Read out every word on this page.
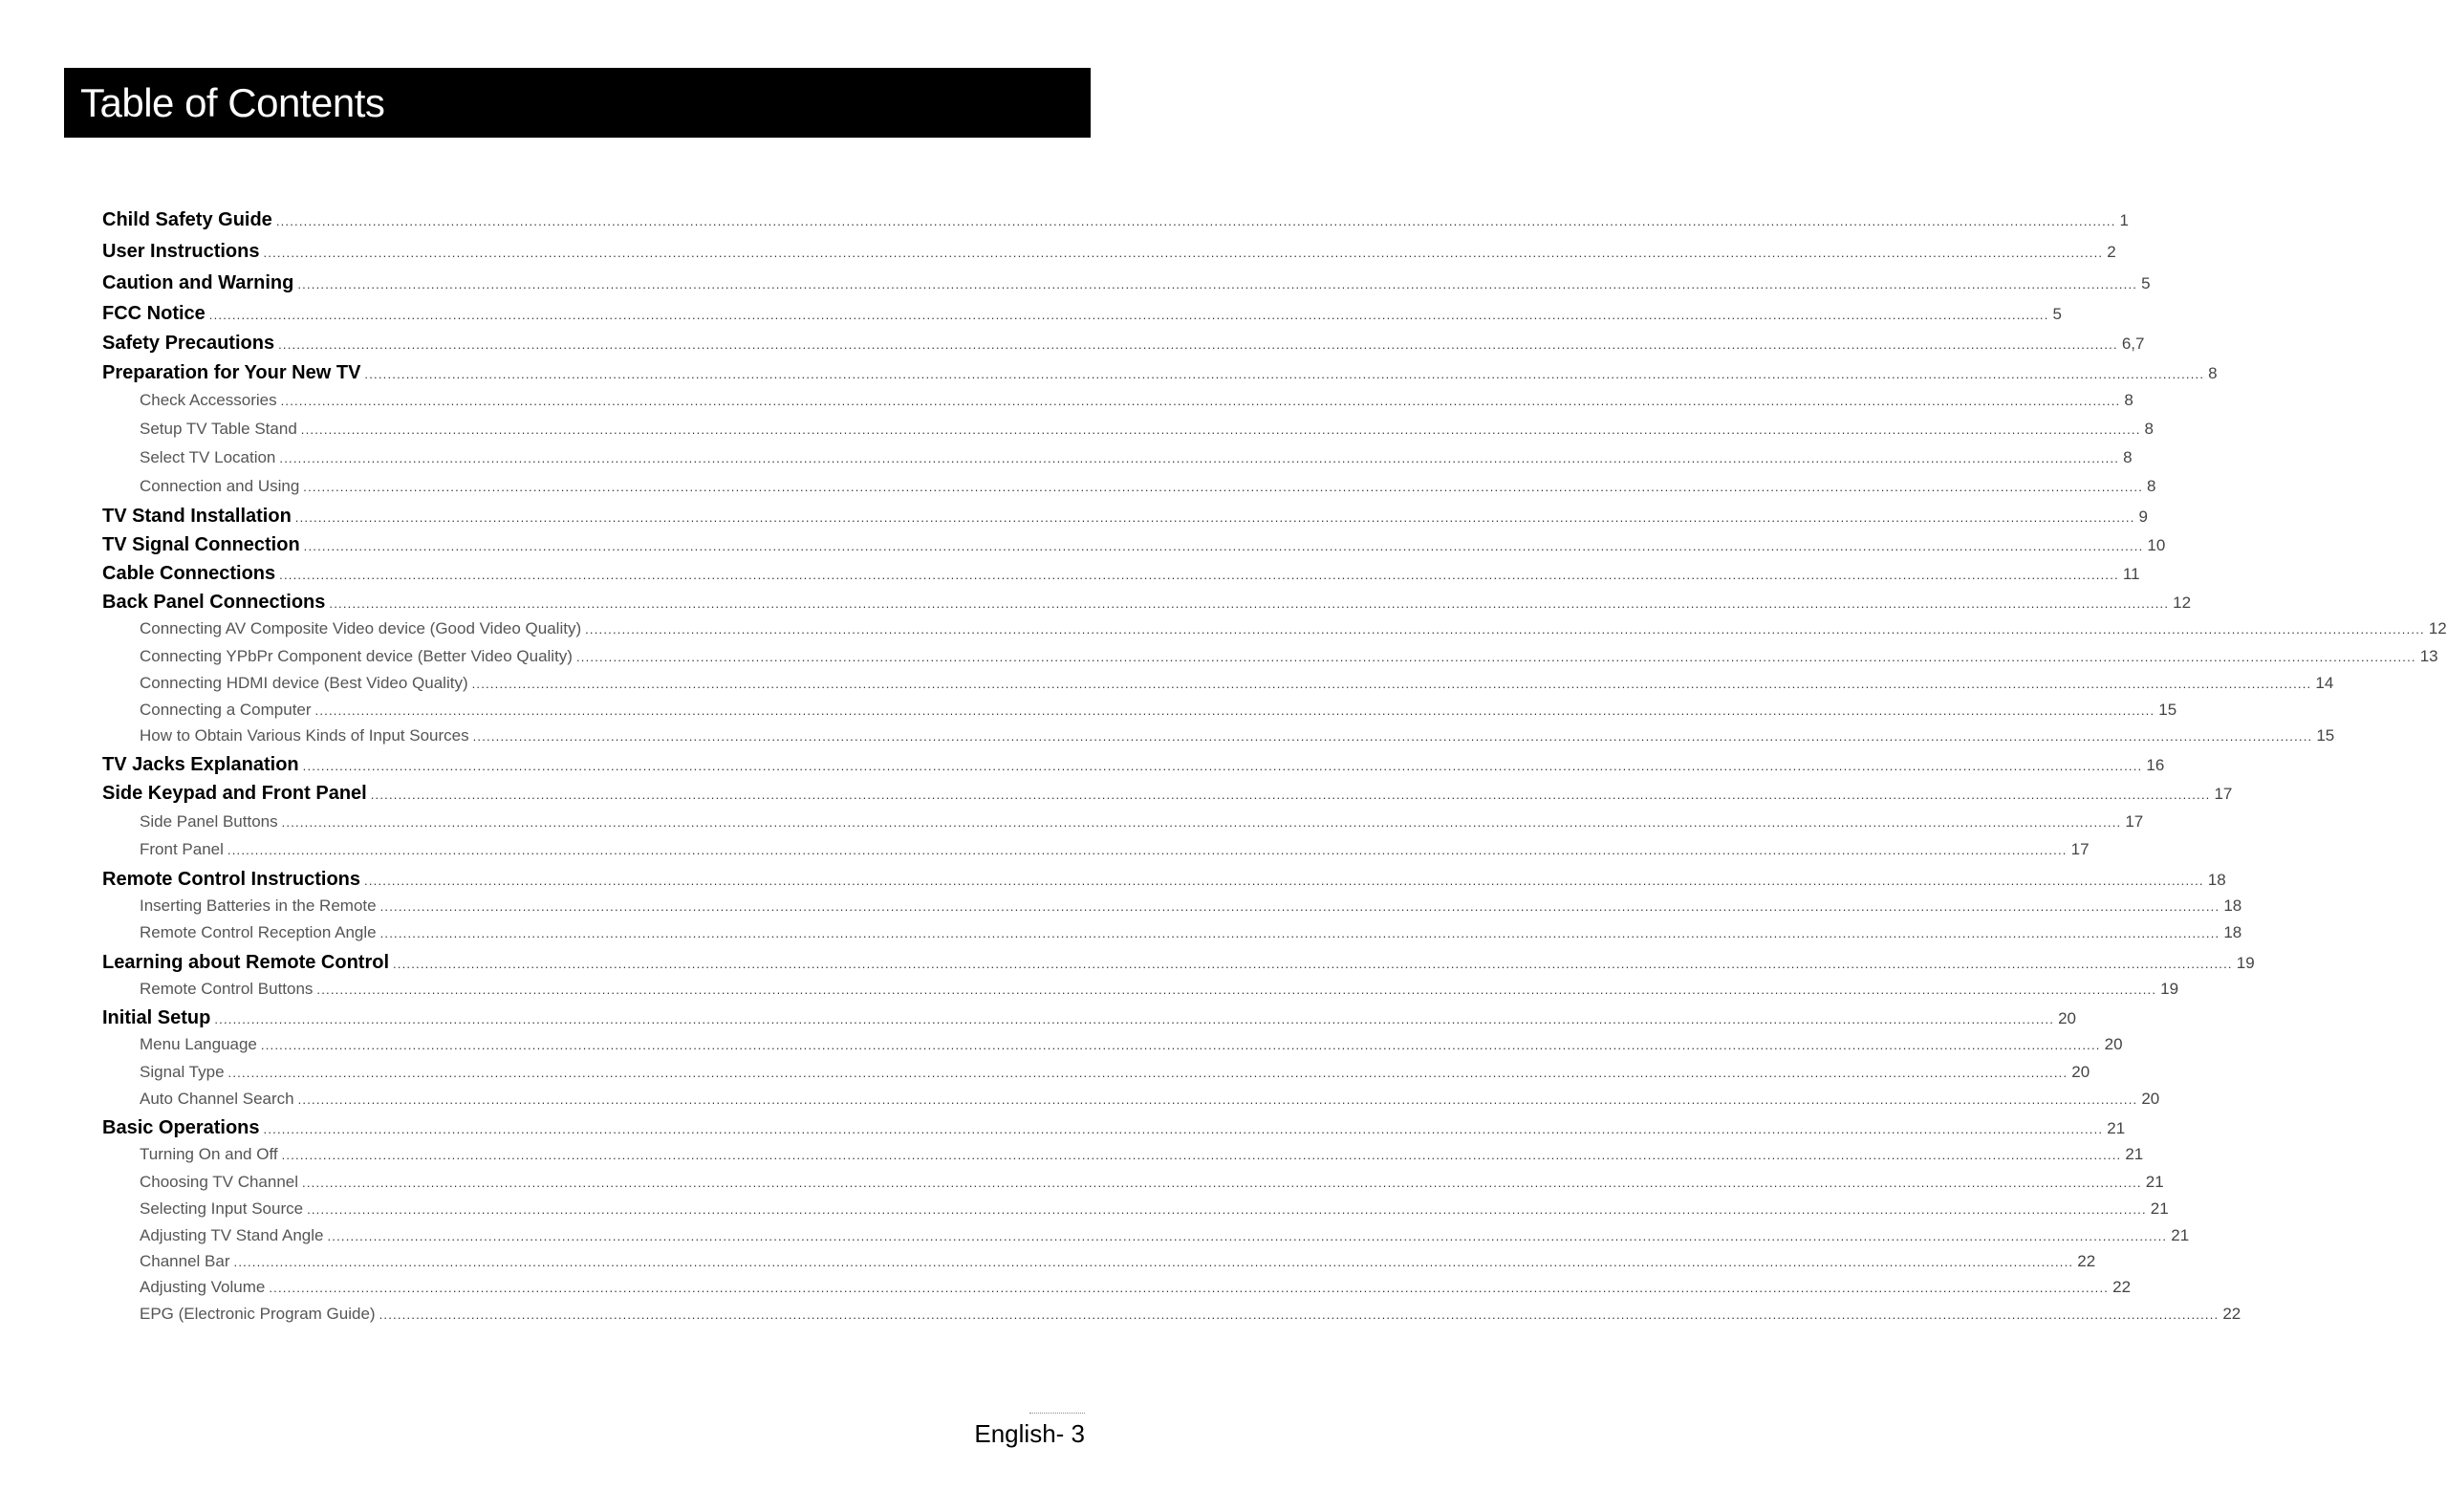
Table of Contents
Child Safety Guide ................................................................................................................................................................................................................................................................................................................................................................................................................ 1
User Instructions ................................................................................................................................................................................................................................................................................................................................................................................................................ 2
Caution and Warning ................................................................................................................................................................................................................................................................................................................................................................................................................ 5
FCC Notice ................................................................................................................................................................................................................................................................................................................................................................................................................ 5
Safety Precautions ................................................................................................................................................................................................................................................................................................................................................................................................................ 6,7
Preparation for Your New TV ................................................................................................................................................................................................................................................................................................................................................................................................................ 8
Check Accessories ................................................................................................................................................................................................................................................................................................................................................................................................................ 8
Setup TV Table Stand ................................................................................................................................................................................................................................................................................................................................................................................................................ 8
Select TV Location ................................................................................................................................................................................................................................................................................................................................................................................................................ 8
Connection and Using ................................................................................................................................................................................................................................................................................................................................................................................................................ 8
TV Stand Installation ................................................................................................................................................................................................................................................................................................................................................................................................................ 9
TV Signal Connection ................................................................................................................................................................................................................................................................................................................................................................................................................ 10
Cable Connections ................................................................................................................................................................................................................................................................................................................................................................................................................ 11
Back Panel Connections ................................................................................................................................................................................................................................................................................................................................................................................................................ 12
Connecting AV Composite Video device (Good Video Quality) ................................................................................................................................................................................................................................................................................................................................................................................................................ 12
Connecting YPbPr Component device (Better Video Quality) ................................................................................................................................................................................................................................................................................................................................................................................................................ 13
Connecting HDMI device (Best Video Quality) ................................................................................................................................................................................................................................................................................................................................................................................................................ 14
Connecting a Computer ................................................................................................................................................................................................................................................................................................................................................................................................................ 15
How to Obtain Various Kinds of Input Sources ................................................................................................................................................................................................................................................................................................................................................................................................................ 15
TV Jacks Explanation ................................................................................................................................................................................................................................................................................................................................................................................................................ 16
Side Keypad and Front Panel ................................................................................................................................................................................................................................................................................................................................................................................................................ 17
Side Panel Buttons ................................................................................................................................................................................................................................................................................................................................................................................................................ 17
Front Panel ................................................................................................................................................................................................................................................................................................................................................................................................................ 17
Remote Control Instructions ................................................................................................................................................................................................................................................................................................................................................................................................................ 18
Inserting Batteries in the Remote ................................................................................................................................................................................................................................................................................................................................................................................................................ 18
Remote Control Reception Angle ................................................................................................................................................................................................................................................................................................................................................................................................................ 18
Learning about Remote Control ................................................................................................................................................................................................................................................................................................................................................................................................................ 19
Remote Control Buttons ................................................................................................................................................................................................................................................................................................................................................................................................................ 19
Initial Setup ................................................................................................................................................................................................................................................................................................................................................................................................................ 20
Menu Language ................................................................................................................................................................................................................................................................................................................................................................................................................ 20
Signal Type ................................................................................................................................................................................................................................................................................................................................................................................................................ 20
Auto Channel Search ................................................................................................................................................................................................................................................................................................................................................................................................................ 20
Basic Operations ................................................................................................................................................................................................................................................................................................................................................................................................................ 21
Turning On and Off ................................................................................................................................................................................................................................................................................................................................................................................................................ 21
Choosing TV Channel ................................................................................................................................................................................................................................................................................................................................................................................................................ 21
Selecting Input Source ................................................................................................................................................................................................................................................................................................................................................................................................................ 21
Adjusting TV Stand Angle ................................................................................................................................................................................................................................................................................................................................................................................................................ 21
Channel Bar ................................................................................................................................................................................................................................................................................................................................................................................................................ 22
Adjusting Volume ................................................................................................................................................................................................................................................................................................................................................................................................................ 22
EPG (Electronic Program Guide) ................................................................................................................................................................................................................................................................................................................................................................................................................ 22
English- 3
